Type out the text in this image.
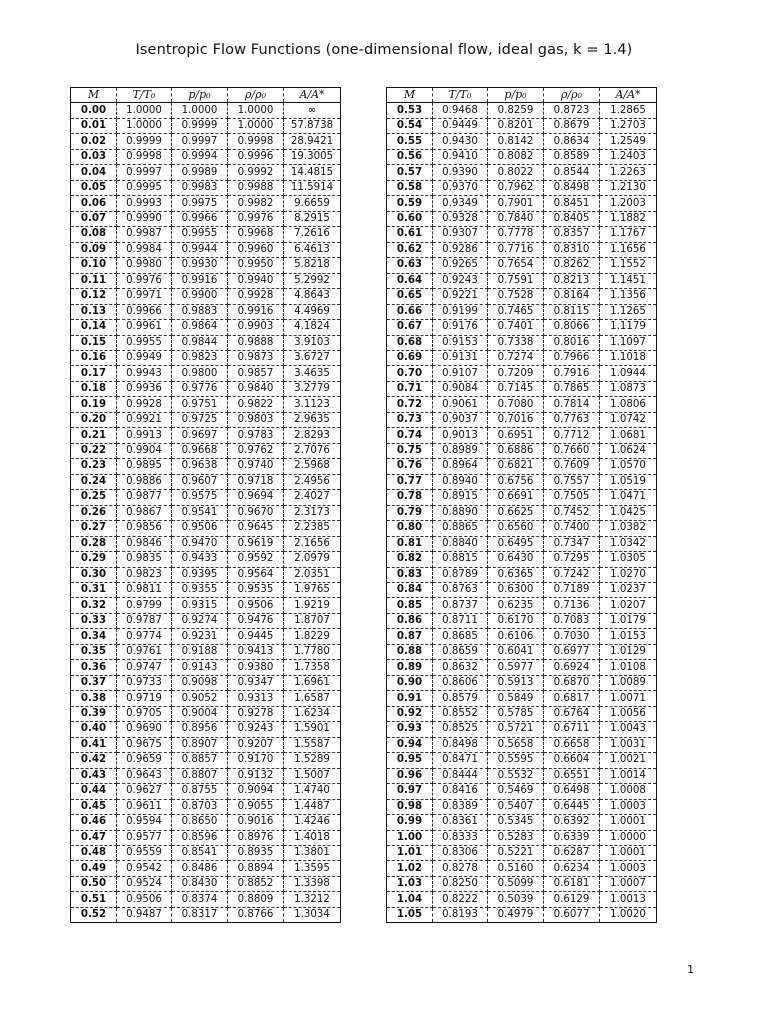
Isentropic Flow Functions (one-dimensional flow, ideal gas, k = 1.4)
M	T/T₀	p/p₀	ρ/ρ₀	A/A*
0.00	1.0000	1.0000	1.0000	∞
0.01	1.0000	0.9999	1.0000	57.8738
0.02	0.9999	0.9997	0.9998	28.9421
0.03	0.9998	0.9994	0.9996	19.3005
0.04	0.9997	0.9989	0.9992	14.4815
0.05	0.9995	0.9983	0.9988	11.5914
0.06	0.9993	0.9975	0.9982	9.6659
0.07	0.9990	0.9966	0.9976	8.2915
0.08	0.9987	0.9955	0.9968	7.2616
0.09	0.9984	0.9944	0.9960	6.4613
0.10	0.9980	0.9930	0.9950	5.8218
0.11	0.9976	0.9916	0.9940	5.2992
0.12	0.9971	0.9900	0.9928	4.8643
0.13	0.9966	0.9883	0.9916	4.4969
0.14	0.9961	0.9864	0.9903	4.1824
0.15	0.9955	0.9844	0.9888	3.9103
0.16	0.9949	0.9823	0.9873	3.6727
0.17	0.9943	0.9800	0.9857	3.4635
0.18	0.9936	0.9776	0.9840	3.2779
0.19	0.9928	0.9751	0.9822	3.1123
0.20	0.9921	0.9725	0.9803	2.9635
0.21	0.9913	0.9697	0.9783	2.8293
0.22	0.9904	0.9668	0.9762	2.7076
0.23	0.9895	0.9638	0.9740	2.5968
0.24	0.9886	0.9607	0.9718	2.4956
0.25	0.9877	0.9575	0.9694	2.4027
0.26	0.9867	0.9541	0.9670	2.3173
0.27	0.9856	0.9506	0.9645	2.2385
0.28	0.9846	0.9470	0.9619	2.1656
0.29	0.9835	0.9433	0.9592	2.0979
0.30	0.9823	0.9395	0.9564	2.0351
0.31	0.9811	0.9355	0.9535	1.9765
0.32	0.9799	0.9315	0.9506	1.9219
0.33	0.9787	0.9274	0.9476	1.8707
0.34	0.9774	0.9231	0.9445	1.8229
0.35	0.9761	0.9188	0.9413	1.7780
0.36	0.9747	0.9143	0.9380	1.7358
0.37	0.9733	0.9098	0.9347	1.6961
0.38	0.9719	0.9052	0.9313	1.6587
0.39	0.9705	0.9004	0.9278	1.6234
0.40	0.9690	0.8956	0.9243	1.5901
0.41	0.9675	0.8907	0.9207	1.5587
0.42	0.9659	0.8857	0.9170	1.5289
0.43	0.9643	0.8807	0.9132	1.5007
0.44	0.9627	0.8755	0.9094	1.4740
0.45	0.9611	0.8703	0.9055	1.4487
0.46	0.9594	0.8650	0.9016	1.4246
0.47	0.9577	0.8596	0.8976	1.4018
0.48	0.9559	0.8541	0.8935	1.3801
0.49	0.9542	0.8486	0.8894	1.3595
0.50	0.9524	0.8430	0.8852	1.3398
0.51	0.9506	0.8374	0.8809	1.3212
0.52	0.9487	0.8317	0.8766	1.3034
M	T/T₀	p/p₀	ρ/ρ₀	A/A*
0.53	0.9468	0.8259	0.8723	1.2865
0.54	0.9449	0.8201	0.8679	1.2703
0.55	0.9430	0.8142	0.8634	1.2549
0.56	0.9410	0.8082	0.8589	1.2403
0.57	0.9390	0.8022	0.8544	1.2263
0.58	0.9370	0.7962	0.8498	1.2130
0.59	0.9349	0.7901	0.8451	1.2003
0.60	0.9328	0.7840	0.8405	1.1882
0.61	0.9307	0.7778	0.8357	1.1767
0.62	0.9286	0.7716	0.8310	1.1656
0.63	0.9265	0.7654	0.8262	1.1552
0.64	0.9243	0.7591	0.8213	1.1451
0.65	0.9221	0.7528	0.8164	1.1356
0.66	0.9199	0.7465	0.8115	1.1265
0.67	0.9176	0.7401	0.8066	1.1179
0.68	0.9153	0.7338	0.8016	1.1097
0.69	0.9131	0.7274	0.7966	1.1018
0.70	0.9107	0.7209	0.7916	1.0944
0.71	0.9084	0.7145	0.7865	1.0873
0.72	0.9061	0.7080	0.7814	1.0806
0.73	0.9037	0.7016	0.7763	1.0742
0.74	0.9013	0.6951	0.7712	1.0681
0.75	0.8989	0.6886	0.7660	1.0624
0.76	0.8964	0.6821	0.7609	1.0570
0.77	0.8940	0.6756	0.7557	1.0519
0.78	0.8915	0.6691	0.7505	1.0471
0.79	0.8890	0.6625	0.7452	1.0425
0.80	0.8865	0.6560	0.7400	1.0382
0.81	0.8840	0.6495	0.7347	1.0342
0.82	0.8815	0.6430	0.7295	1.0305
0.83	0.8789	0.6365	0.7242	1.0270
0.84	0.8763	0.6300	0.7189	1.0237
0.85	0.8737	0.6235	0.7136	1.0207
0.86	0.8711	0.6170	0.7083	1.0179
0.87	0.8685	0.6106	0.7030	1.0153
0.88	0.8659	0.6041	0.6977	1.0129
0.89	0.8632	0.5977	0.6924	1.0108
0.90	0.8606	0.5913	0.6870	1.0089
0.91	0.8579	0.5849	0.6817	1.0071
0.92	0.8552	0.5785	0.6764	1.0056
0.93	0.8525	0.5721	0.6711	1.0043
0.94	0.8498	0.5658	0.6658	1.0031
0.95	0.8471	0.5595	0.6604	1.0021
0.96	0.8444	0.5532	0.6551	1.0014
0.97	0.8416	0.5469	0.6498	1.0008
0.98	0.8389	0.5407	0.6445	1.0003
0.99	0.8361	0.5345	0.6392	1.0001
1.00	0.8333	0.5283	0.6339	1.0000
1.01	0.8306	0.5221	0.6287	1.0001
1.02	0.8278	0.5160	0.6234	1.0003
1.03	0.8250	0.5099	0.6181	1.0007
1.04	0.8222	0.5039	0.6129	1.0013
1.05	0.8193	0.4979	0.6077	1.0020
1
